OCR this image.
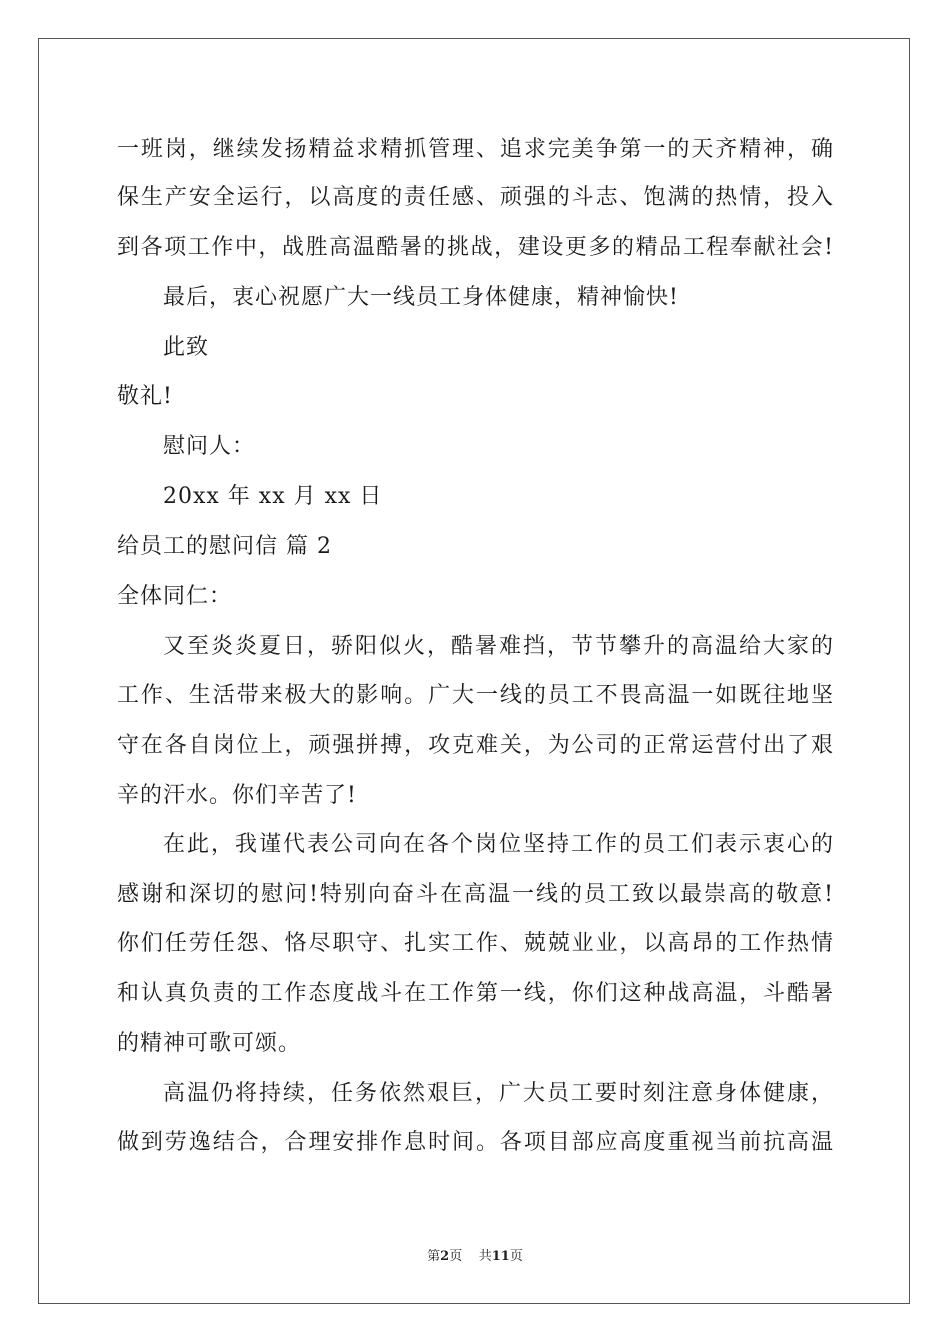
一班岗，继续发扬精益求精抓管理、追求完美争第一的天齐精神，确
保生产安全运行，以高度的责任感、顽强的斗志、饱满的热情，投入
到各项工作中，战胜高温酷暑的挑战，建设更多的精品工程奉献社会!
最后，衷心祝愿广大一线员工身体健康，精神愉快!
此致
敬礼!
慰问人：
20xx 年 xx 月 xx 日
给员工的慰问信 篇 2
全体同仁：
又至炎炎夏日，骄阳似火，酷暑难挡，节节攀升的高温给大家的
工作、生活带来极大的影响。广大一线的员工不畏高温一如既往地坚
守在各自岗位上，顽强拼搏，攻克难关，为公司的正常运营付出了艰
辛的汗水。你们辛苦了!
在此，我谨代表公司向在各个岗位坚持工作的员工们表示衷心的
感谢和深切的慰问!特别向奋斗在高温一线的员工致以最崇高的敬意!
你们任劳任怨、恪尽职守、扎实工作、兢兢业业，以高昂的工作热情
和认真负责的工作态度战斗在工作第一线，你们这种战高温，斗酷暑
的精神可歌可颂。
高温仍将持续，任务依然艰巨，广大员工要时刻注意身体健康，
做到劳逸结合，合理安排作息时间。各项目部应高度重视当前抗高温
第2页 共11页
